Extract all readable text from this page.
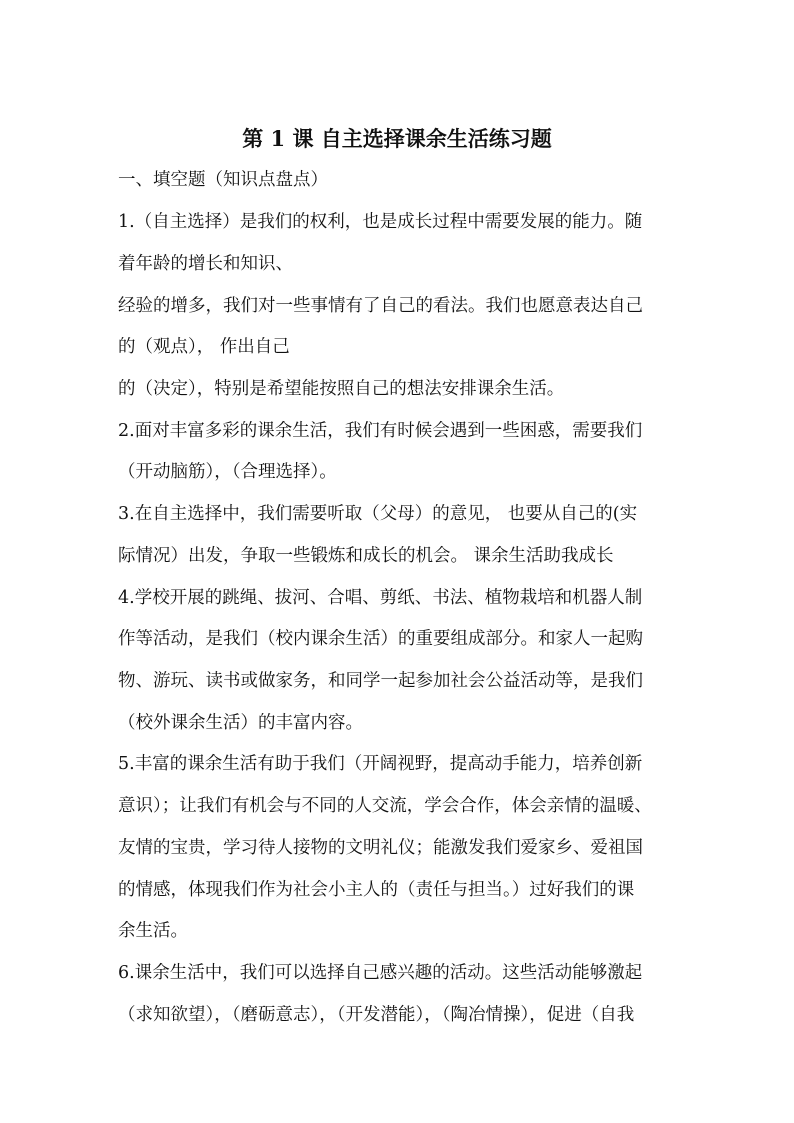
第 1 课 自主选择课余生活练习题
一、填空题（知识点盘点）
1.（自主选择）是我们的权利，也是成长过程中需要发展的能力。随
着年龄的增长和知识、
经验的增多，我们对一些事情有了自己的看法。我们也愿意表达自己
的（观点）， 作出自己
的（决定），特别是希望能按照自己的想法安排课余生活。
2.面对丰富多彩的课余生活，我们有时候会遇到一些困惑，需要我们
（开动脑筋），（合理选择）。
3.在自主选择中，我们需要听取（父母）的意见， 也要从自己的(实
际情况）出发，争取一些锻炼和成长的机会。 课余生活助我成长
4.学校开展的跳绳、拔河、合唱、剪纸、书法、植物栽培和机器人制
作等活动，是我们（校内课余生活）的重要组成部分。和家人一起购
物、游玩、读书或做家务，和同学一起参加社会公益活动等，是我们
（校外课余生活）的丰富内容。
5.丰富的课余生活有助于我们（开阔视野，提高动手能力，培养创新
意识）；让我们有机会与不同的人交流，学会合作，体会亲情的温暖、
友情的宝贵，学习待人接物的文明礼仪；能激发我们爱家乡、爱祖国
的情感，体现我们作为社会小主人的（责任与担当。）过好我们的课
余生活。
6.课余生活中，我们可以选择自己感兴趣的活动。这些活动能够激起
（求知欲望），（磨砺意志），（开发潜能），（陶冶情操），促进（自我
